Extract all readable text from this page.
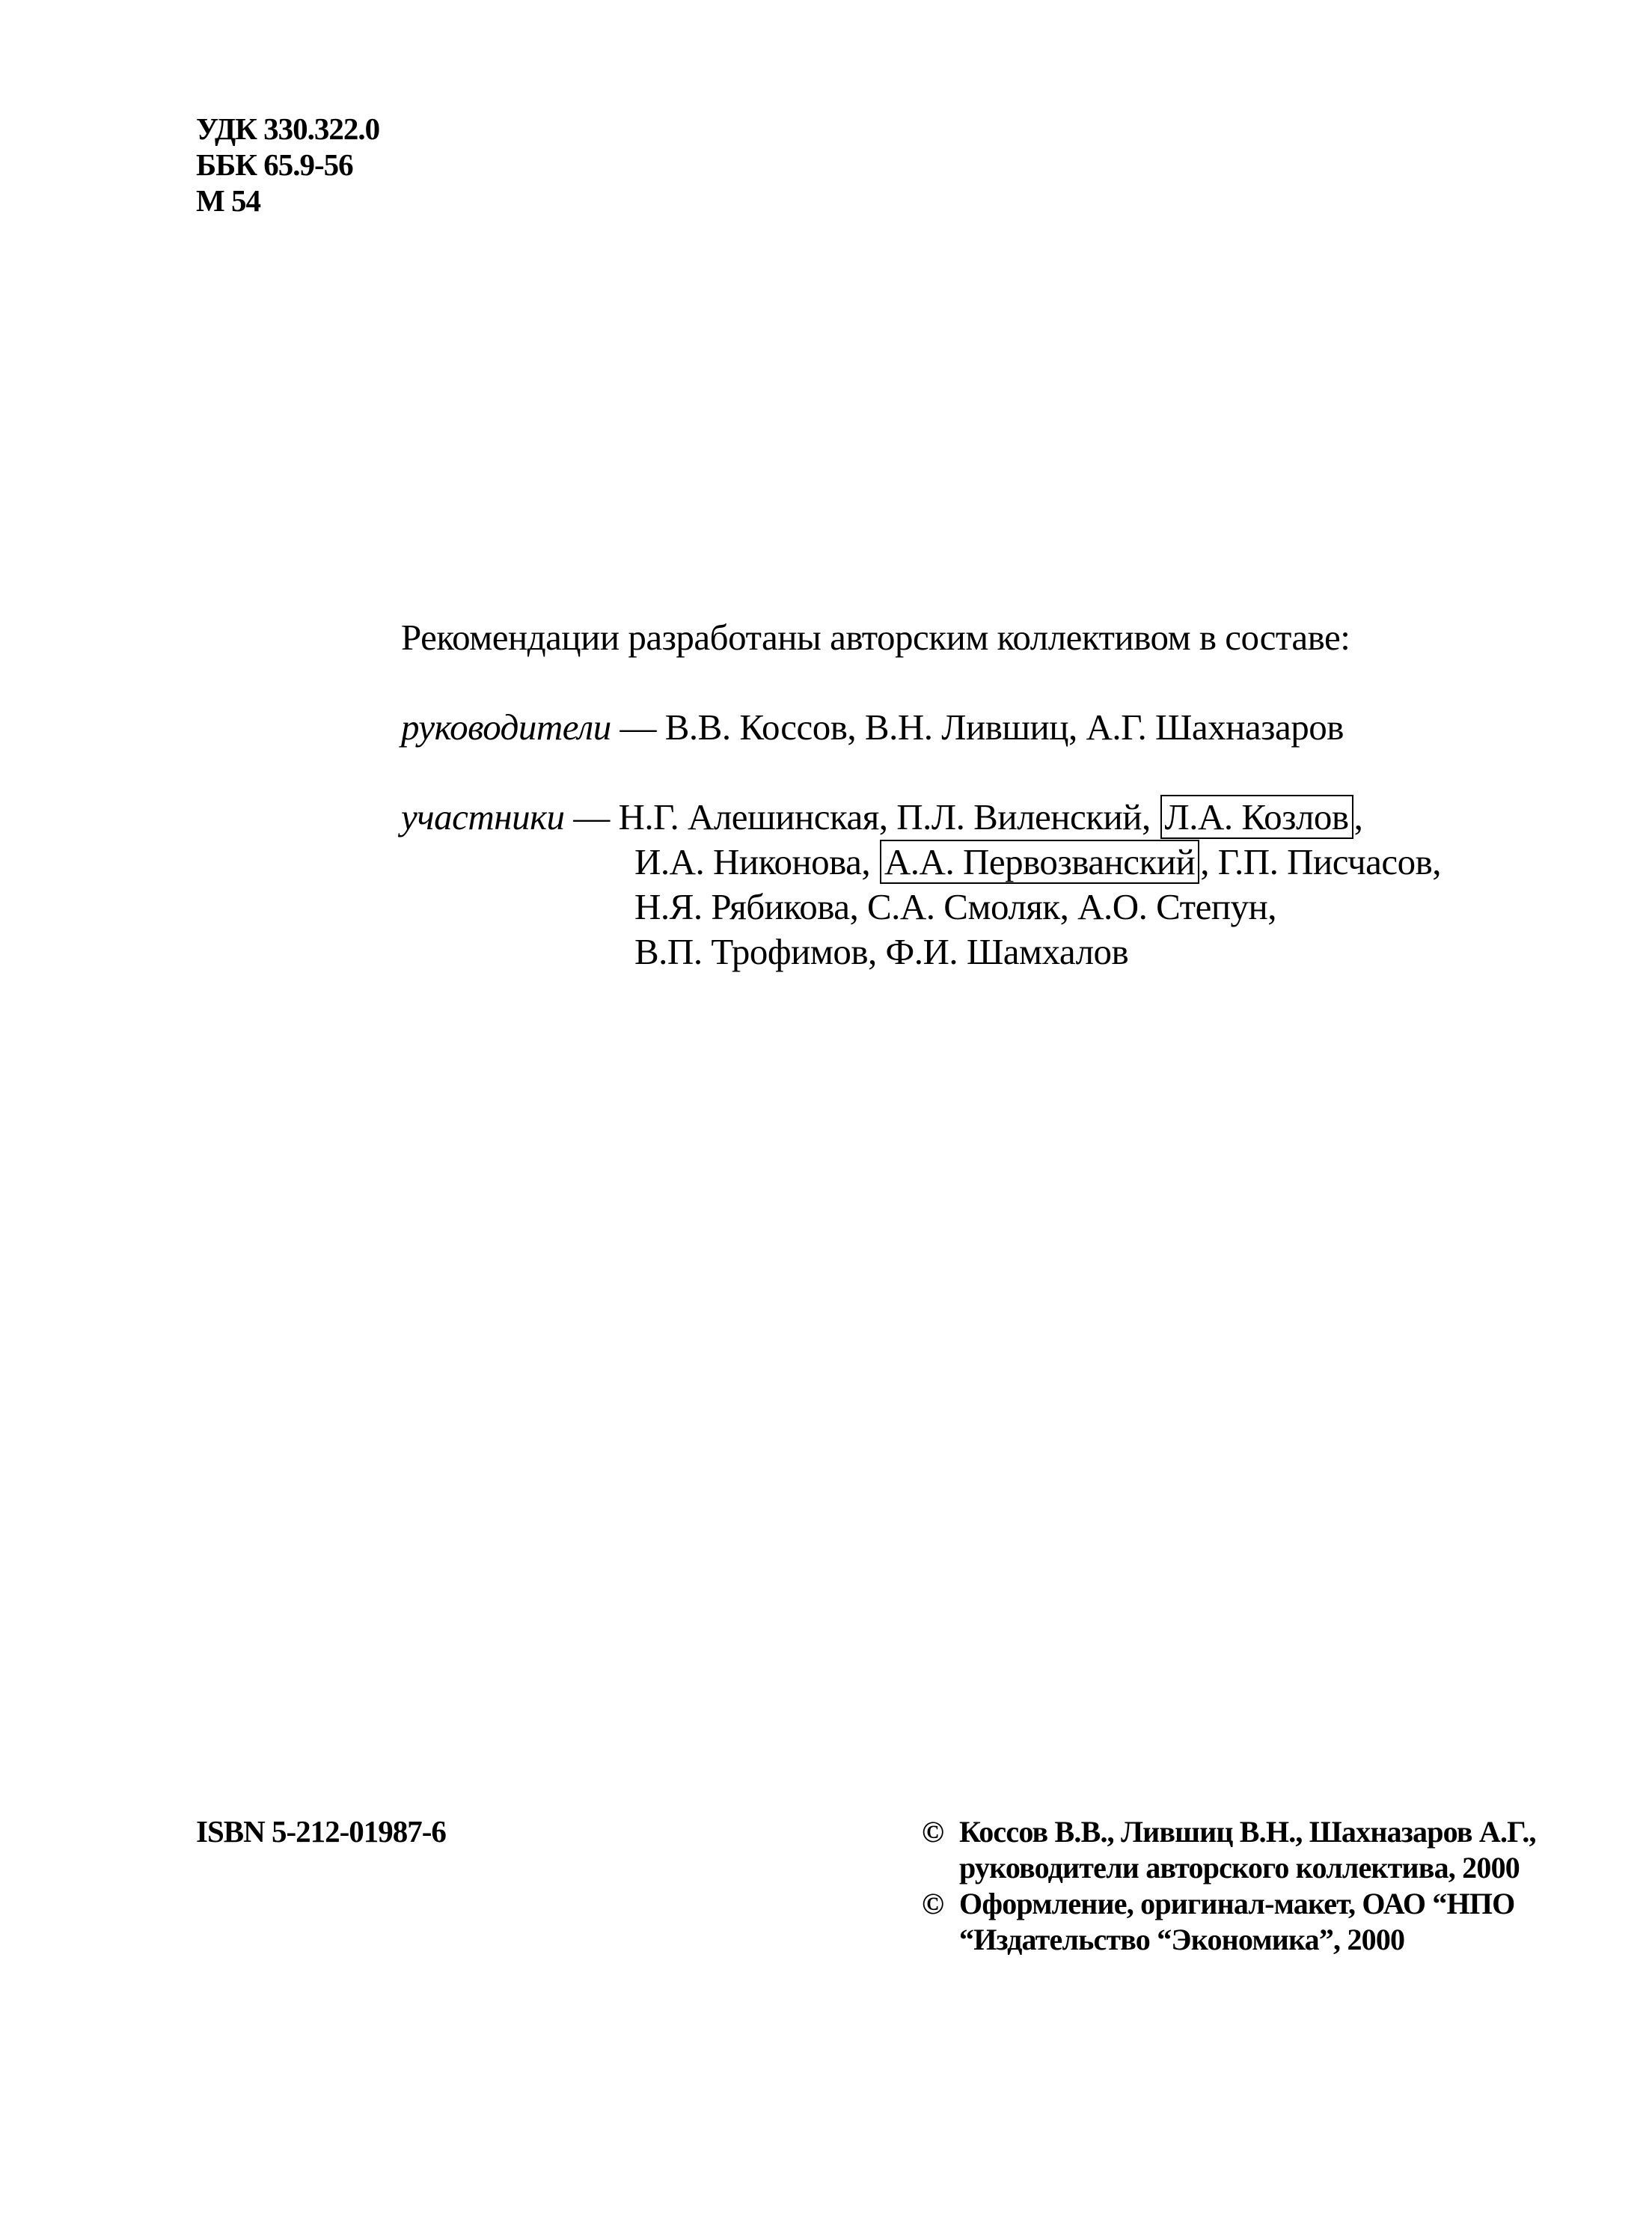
УДК 330.322.0
ББК 65.9-56
М 54
Рекомендации разработаны авторским коллективом в составе:
руководители — В.В. Коссов, В.Н. Лившиц, А.Г. Шахназаров
участники — Н.Г. Алешинская, П.Л. Виленский, Л.А. Козлов ,
И.А. Никонова, А.А. Первозванский , Г.П. Писчасов,
Н.Я. Рябикова, С.А. Смоляк, А.О. Степун,
В.П. Трофимов, Ф.И. Шамхалов
ISBN 5-212-01987-6	© Коссов В.В., Лившиц В.Н., Шахназаров А.Г.,
руководители авторского коллектива, 2000
© Оформление, оригинал-макет, ОАО “НПО
“Издательство “Экономика”, 2000
